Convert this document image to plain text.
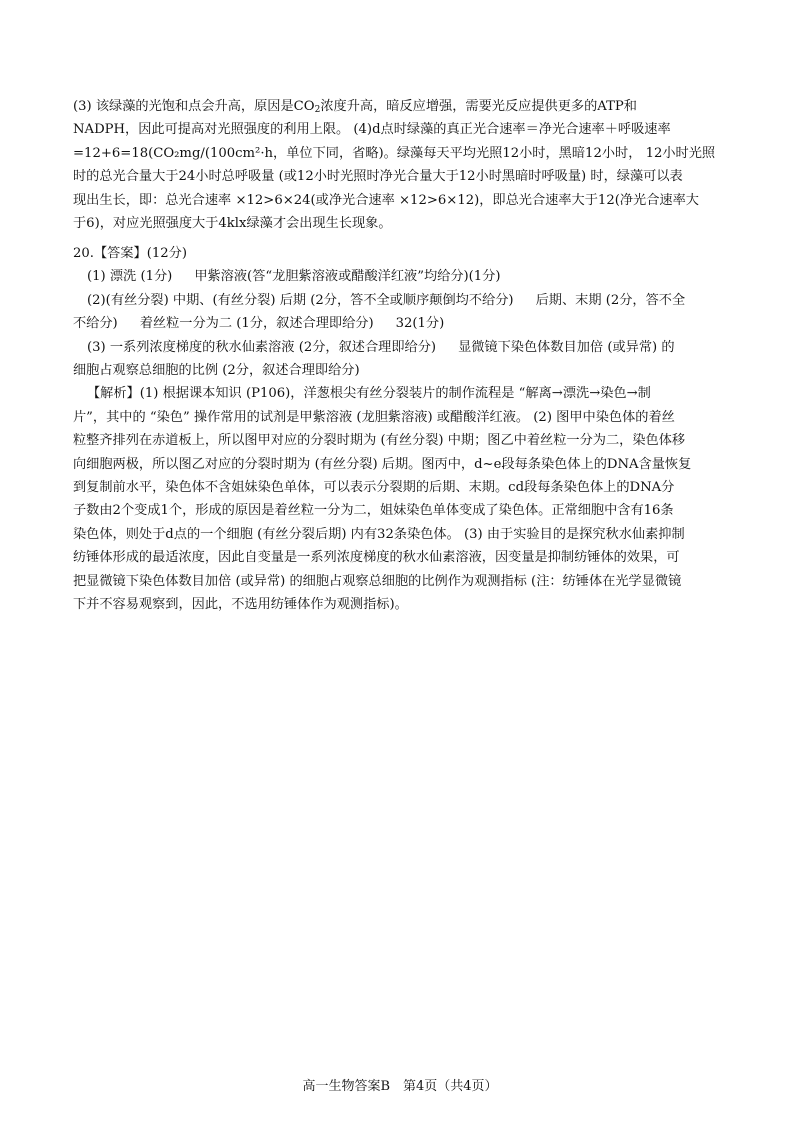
(3) 该绿藻的光饱和点会升高，原因是$CO_2$浓度升高，暗反应增强，需要光反应提供更多的ATP和

NADPH，因此可提高对光照强度的利用上限。 (4)d点时绿藻的真正光合速率＝净光合速率＋呼吸速率

=12+6=18(CO₂mg/(100cm²·h，单位下同，省略)。绿藻每天平均光照12小时，黑暗12小时， 12小时光照

时的总光合量大于24小时总呼吸量 (或12小时光照时净光合量大于12小时黑暗时呼吸量) 时，绿藻可以表

现出生长，即：总光合速率 ×12>6×24(或净光合速率 ×12>6×12)，即总光合速率大于12(净光合速率大

于6)，对应光照强度大于4klx绿藻才会出现生长现象。

20.【答案】(12分)

(1) 漂洗 (1分) 甲紫溶液(答“龙胆紫溶液或醋酸洋红液”均给分)(1分)

(2)(有丝分裂) 中期、(有丝分裂) 后期 (2分，答不全或顺序颠倒均不给分) 后期、末期 (2分，答不全

不给分) 着丝粒一分为二 (1分，叙述合理即给分) 32(1分)

(3) 一系列浓度梯度的秋水仙素溶液 (2分，叙述合理即给分) 显微镜下染色体数目加倍 (或异常) 的

细胞占观察总细胞的比例 (2分，叙述合理即给分)

【解析】(1) 根据课本知识 (P106)，洋葱根尖有丝分裂装片的制作流程是 “解离→漂洗→染色→制

片”，其中的 “染色” 操作常用的试剂是甲紫溶液 (龙胆紫溶液) 或醋酸洋红液。 (2) 图甲中染色体的着丝

粒整齐排列在赤道板上，所以图甲对应的分裂时期为 (有丝分裂) 中期；图乙中着丝粒一分为二，染色体移

向细胞两极，所以图乙对应的分裂时期为 (有丝分裂) 后期。图丙中，d~e段每条染色体上的DNA含量恢复

到复制前水平，染色体不含姐妹染色单体，可以表示分裂期的后期、末期。cd段每条染色体上的DNA分

子数由2个变成1个，形成的原因是着丝粒一分为二，姐妹染色单体变成了染色体。正常细胞中含有16条

染色体，则处于d点的一个细胞 (有丝分裂后期) 内有32条染色体。 (3) 由于实验目的是探究秋水仙素抑制

纺锤体形成的最适浓度，因此自变量是一系列浓度梯度的秋水仙素溶液，因变量是抑制纺锤体的效果，可

把显微镜下染色体数目加倍 (或异常) 的细胞占观察总细胞的比例作为观测指标 (注：纺锤体在光学显微镜

下并不容易观察到，因此，不选用纺锤体作为观测指标)。

高一生物答案B　第4页（共4页）
